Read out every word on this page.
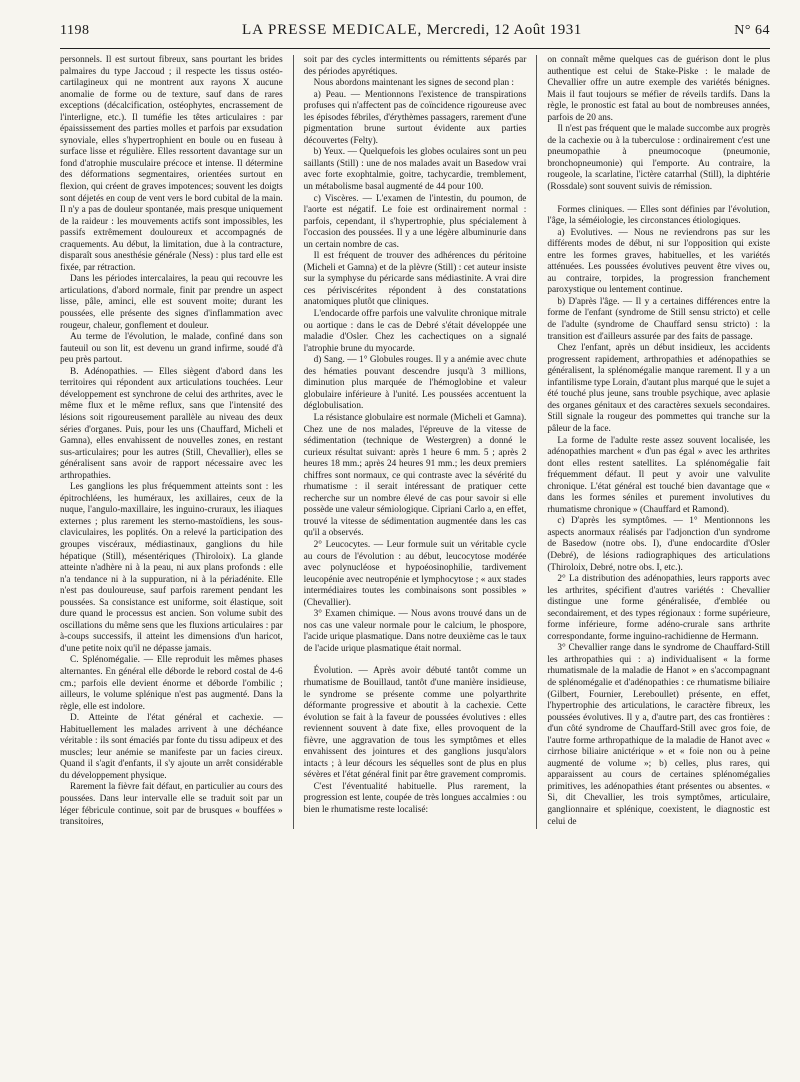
1198	LA PRESSE MEDICALE, Mercredi, 12 Août 1931	N° 64

personnels. Il est surtout fibreux, sans pourtant les brides palmaires du type Jaccoud ; il respecte les tissus ostéo-cartilagineux qui ne montrent aux rayons X aucune anomalie de forme ou de texture, sauf dans de rares exceptions (décalcification, ostéophytes, encrassement de l'interligne, etc.). Il tuméfie les têtes articulaires : par épaississement des parties molles et parfois par exsudation synoviale, elles s'hypertrophient en boule ou en fuseau à surface lisse et régulière. Elles ressortent davantage sur un fond d'atrophie musculaire précoce et intense. Il détermine des déformations segmentaires, orientées surtout en flexion, qui créent de graves impotences; souvent les doigts sont déjetés en coup de vent vers le bord cubital de la main. Il n'y a pas de douleur spontanée, mais presque uniquement de la raideur : les mouvements actifs sont impossibles, les passifs extrêmement douloureux et accompagnés de craquements. Au début, la limitation, due à la contracture, disparaît sous anesthésie générale (Ness) : plus tard elle est fixée, par rétraction.

Dans les périodes intercalaires, la peau qui recouvre les articulations, d'abord normale, finit par prendre un aspect lisse, pâle, aminci, elle est souvent moite; durant les poussées, elle présente des signes d'inflammation avec rougeur, chaleur, gonflement et douleur.

Au terme de l'évolution, le malade, confiné dans son fauteuil ou son lit, est devenu un grand infirme, soudé d'à peu près partout.

B. Adénopathies. — Elles siègent d'abord dans les territoires qui répondent aux articulations touchées. Leur développement est synchrone de celui des arthrites, avec le même flux et le même reflux, sans que l'intensité des lésions soit rigoureusement parallèle au niveau des deux séries d'organes. Puis, pour les uns (Chauffard, Micheli et Gamna), elles envahissent de nouvelles zones, en restant sus-articulaires; pour les autres (Still, Chevallier), elles se généralisent sans avoir de rapport nécessaire avec les arthropathies.

Les ganglions les plus fréquemment atteints sont : les épitrochléens, les huméraux, les axillaires, ceux de la nuque, l'angulo-maxillaire, les inguino-cruraux, les iliaques externes ; plus rarement les sterno-mastoïdiens, les sous-claviculaires, les poplités. On a relevé la participation des groupes viscéraux, médiastinaux, ganglions du hile hépatique (Still), mésentériques (Thiroloix). La glande atteinte n'adhère ni à la peau, ni aux plans profonds : elle n'a tendance ni à la suppuration, ni à la périadénite. Elle n'est pas douloureuse, sauf parfois rarement pendant les poussées. Sa consistance est uniforme, soit élastique, soit dure quand le processus est ancien. Son volume subit des oscillations du même sens que les fluxions articulaires : par à-coups successifs, il atteint les dimensions d'un haricot, d'une petite noix qu'il ne dépasse jamais.

C. Splénomégalie. — Elle reproduit les mêmes phases alternantes. En général elle déborde le rebord costal de 4-6 cm.; parfois elle devient énorme et déborde l'ombilic ; ailleurs, le volume splénique n'est pas augmenté. Dans la règle, elle est indolore.

D. Atteinte de l'état général et cachexie. — Habituellement les malades arrivent à une déchéance véritable : ils sont émaciés par fonte du tissu adipeux et des muscles; leur anémie se manifeste par un facies cireux. Quand il s'agit d'enfants, il s'y ajoute un arrêt considérable du développement physique.

Rarement la fièvre fait défaut, en particulier au cours des poussées. Dans leur intervalle elle se traduit soit par un léger fébricule continue, soit par de brusques « bouffées » transitoires,

soit par des cycles intermittents ou rémittents séparés par des périodes apyrétiques.

Nous abordons maintenant les signes de second plan :

a) Peau. — Mentionnons l'existence de transpirations profuses qui n'affectent pas de coïncidence rigoureuse avec les épisodes fébriles, d'érythèmes passagers, rarement d'une pigmentation brune surtout évidente aux parties découvertes (Felty).

b) Yeux. — Quelquefois les globes oculaires sont un peu saillants (Still) : une de nos malades avait un Basedow vrai avec forte exophtalmie, goitre, tachycardie, tremblement, un métabolisme basal augmenté de 44 pour 100.

c) Viscères. — L'examen de l'intestin, du poumon, de l'aorte est négatif. Le foie est ordinairement normal : parfois, cependant, il s'hypertrophie, plus spécialement à l'occasion des poussées. Il y a une légère albuminurie dans un certain nombre de cas.

Il est fréquent de trouver des adhérences du péritoine (Micheli et Gamna) et de la plèvre (Still) : cet auteur insiste sur la symphyse du péricarde sans médiastinite. A vrai dire ces périviscérites répondent à des constatations anatomiques plutôt que cliniques.

L'endocarde offre parfois une valvulite chronique mitrale ou aortique : dans le cas de Debré s'était développée une maladie d'Osler. Chez les cachectiques on a signalé l'atrophie brune du myocarde.

d) Sang. — 1° Globules rouges. Il y a anémie avec chute des hématies pouvant descendre jusqu'à 3 millions, diminution plus marquée de l'hémoglobine et valeur globulaire inférieure à l'unité. Les poussées accentuent la déglobulisation.

La résistance globulaire est normale (Micheli et Gamna). Chez une de nos malades, l'épreuve de la vitesse de sédimentation (technique de Westergren) a donné le curieux résultat suivant: après 1 heure 6 mm. 5 ; après 2 heures 18 mm.; après 24 heures 91 mm.; les deux premiers chiffres sont normaux, ce qui contraste avec la sévérité du rhumatisme : il serait intéressant de pratiquer cette recherche sur un nombre élevé de cas pour savoir si elle possède une valeur sémiologique. Cipriani Carlo a, en effet, trouvé la vitesse de sédimentation augmentée dans les cas qu'il a observés.

2° Leucocytes. — Leur formule suit un véritable cycle au cours de l'évolution : au début, leucocytose modérée avec polynucléose et hypoéosinophilie, tardivement leucopénie avec neutropénie et lymphocytose ; « aux stades intermédiaires toutes les combinaisons sont possibles » (Chevallier).

3° Examen chimique. — Nous avons trouvé dans un de nos cas une valeur normale pour le calcium, le phospore, l'acide urique plasmatique. Dans notre deuxième cas le taux de l'acide urique plasmatique était normal.

Évolution. — Après avoir débuté tantôt comme un rhumatisme de Bouillaud, tantôt d'une manière insidieuse, le syndrome se présente comme une polyarthrite déformante progressive et aboutit à la cachexie. Cette évolution se fait à la faveur de poussées évolutives : elles reviennent souvent à date fixe, elles provoquent de la fièvre, une aggravation de tous les symptômes et elles envahissent des jointures et des ganglions jusqu'alors intacts ; à leur décours les séquelles sont de plus en plus sévères et l'état général finit par être gravement compromis.

C'est l'éventualité habituelle. Plus rarement, la progression est lente, coupée de très longues accalmies : ou bien le rhumatisme reste localisé:

on connaît même quelques cas de guérison dont le plus authentique est celui de Stake-Piske : le malade de Chevallier offre un autre exemple des variétés bénignes. Mais il faut toujours se méfier de réveils tardifs. Dans la règle, le pronostic est fatal au bout de nombreuses années, parfois de 20 ans.

Il n'est pas fréquent que le malade succombe aux progrès de la cachexie ou à la tuberculose : ordinairement c'est une pneumopathie à pneumocoque (pneumonie, bronchopneumonie) qui l'emporte. Au contraire, la rougeole, la scarlatine, l'ictère catarrhal (Still), la diphtérie (Rossdale) sont souvent suivis de rémission.

Formes cliniques. — Elles sont définies par l'évolution, l'âge, la séméiologie, les circonstances étiologiques.

a) Evolutives. — Nous ne reviendrons pas sur les différents modes de début, ni sur l'opposition qui existe entre les formes graves, habituelles, et les variétés atténuées. Les poussées évolutives peuvent être vives ou, au contraire, torpides, la progression franchement paroxystique ou lentement continue.

b) D'après l'âge. — Il y a certaines différences entre la forme de l'enfant (syndrome de Still sensu stricto) et celle de l'adulte (syndrome de Chauffard sensu stricto) : la transition est d'ailleurs assurée par des faits de passage.

Chez l'enfant, après un début insidieux, les accidents progressent rapidement, arthropathies et adénopathies se généralisent, la splénomégalie manque rarement. Il y a un infantilisme type Lorain, d'autant plus marqué que le sujet a été touché plus jeune, sans trouble psychique, avec aplasie des organes génitaux et des caractères sexuels secondaires. Still signale la rougeur des pommettes qui tranche sur la pâleur de la face.

La forme de l'adulte reste assez souvent localisée, les adénopathies marchent « d'un pas égal » avec les arthrites dont elles restent satellites. La splénomégalie fait fréquemment défaut. Il peut y avoir une valvulite chronique. L'état général est touché bien davantage que « dans les formes séniles et purement involutives du rhumatisme chronique » (Chauffard et Ramond).

c) D'après les symptômes. — 1° Mentionnons les aspects anormaux réalisés par l'adjonction d'un syndrome de Basedow (notre obs. I), d'une endocardite d'Osler (Debré), de lésions radiographiques des articulations (Thiroloix, Debré, notre obs. I, etc.).

2° La distribution des adénopathies, leurs rapports avec les arthrites, spécifient d'autres variétés : Chevallier distingue une forme généralisée, d'emblée ou secondairement, et des types régionaux : forme supérieure, forme inférieure, forme adéno-crurale sans arthrite correspondante, forme inguino-rachidienne de Hermann.

3° Chevallier range dans le syndrome de Chauffard-Still les arthropathies qui : a) individualisent « la forme rhumatismale de la maladie de Hanot » en s'accompagnant de splénomégalie et d'adénopathies : ce rhumatisme biliaire (Gilbert, Fournier, Lereboullet) présente, en effet, l'hypertrophie des articulations, le caractère fibreux, les poussées évolutives. Il y a, d'autre part, des cas frontières : d'un côté syndrome de Chauffard-Still avec gros foie, de l'autre forme arthropathique de la maladie de Hanot avec « cirrhose biliaire anictérique » et « foie non ou à peine augmenté de volume »; b) celles, plus rares, qui apparaissent au cours de certaines splénomégalies primitives, les adénopathies étant présentes ou absentes. « Si, dit Chevallier, les trois symptômes, articulaire, ganglionnaire et splénique, coexistent, le diagnostic est celui de
